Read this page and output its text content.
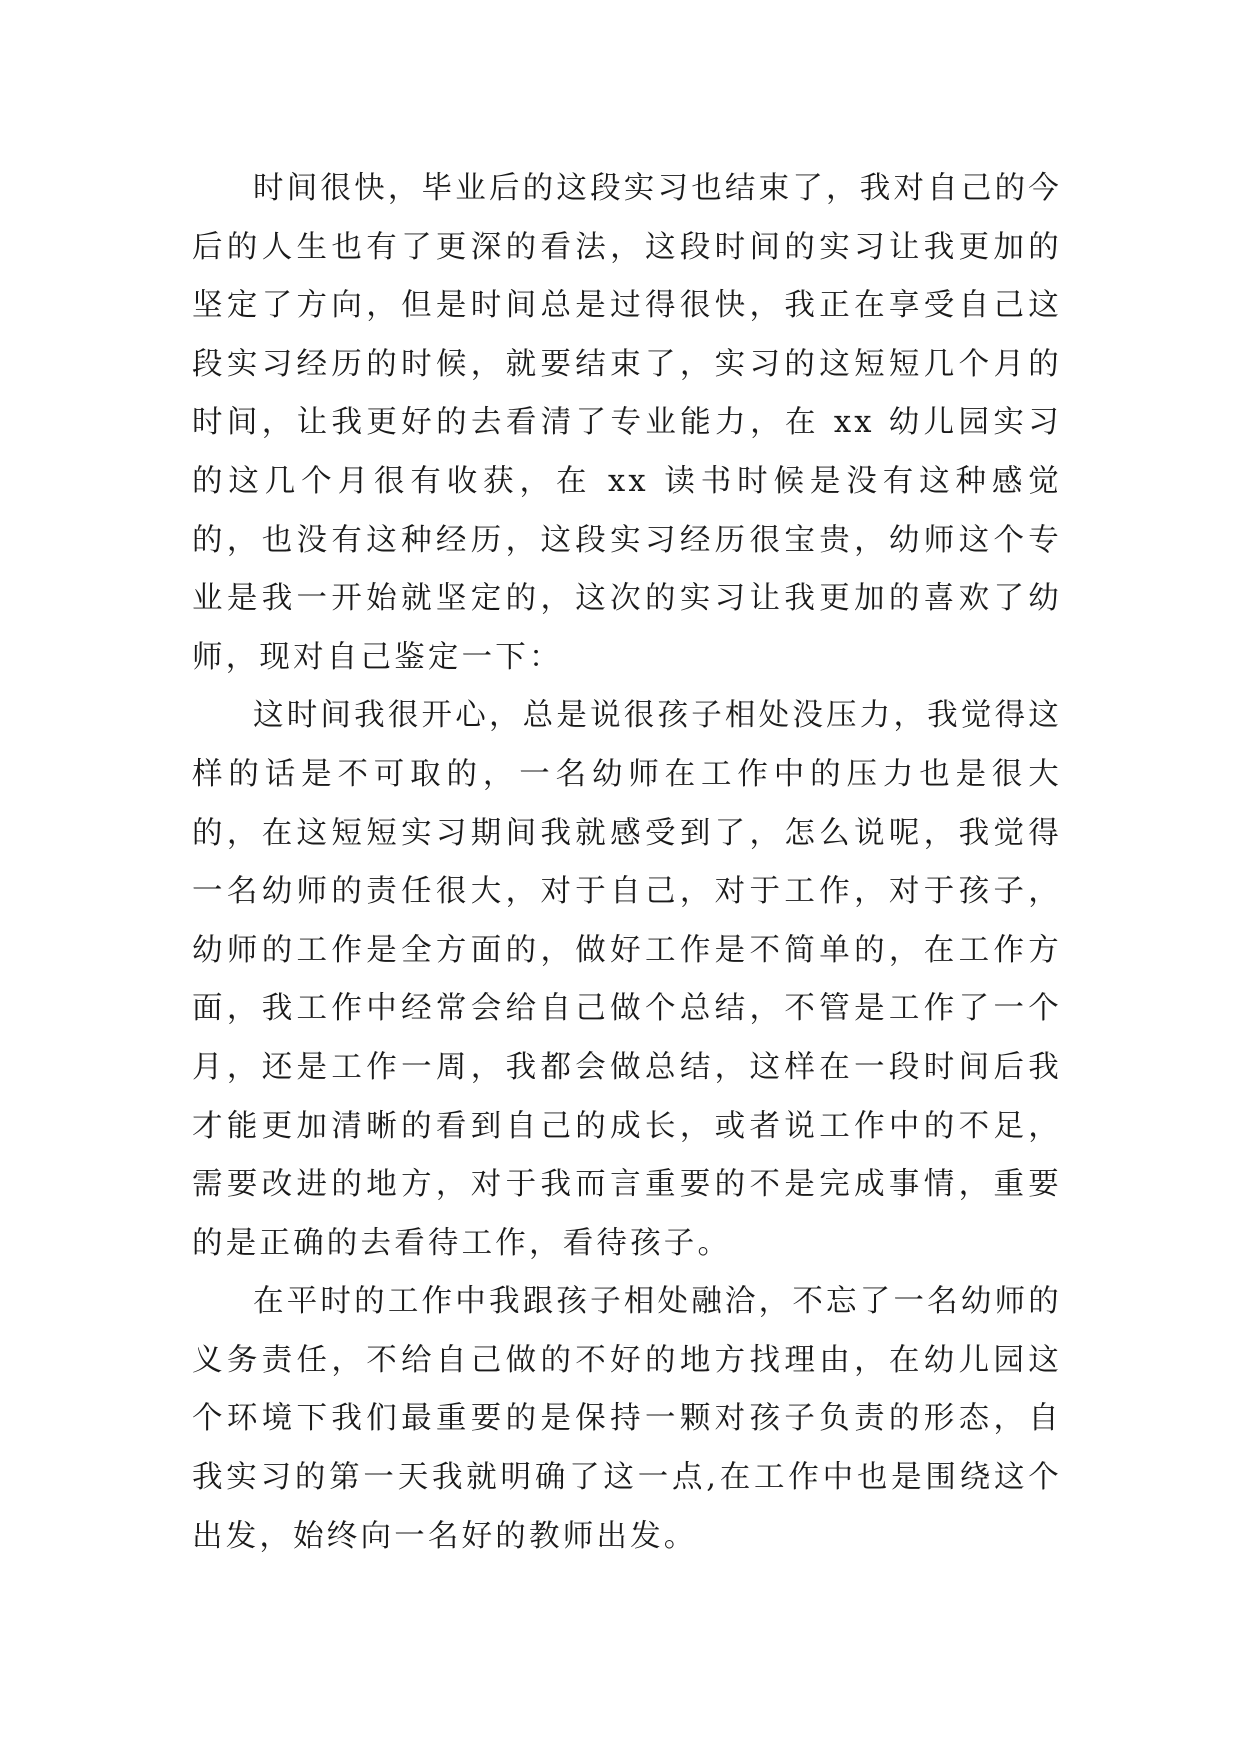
时间很快，毕业后的这段实习也结束了，我对自己的今后的人生也有了更深的看法，这段时间的实习让我更加的坚定了方向，但是时间总是过得很快，我正在享受自己这段实习经历的时候，就要结束了，实习的这短短几个月的时间，让我更好的去看清了专业能力，在 xx 幼儿园实习的这几个月很有收获，在 xx 读书时候是没有这种感觉的，也没有这种经历，这段实习经历很宝贵，幼师这个专业是我一开始就坚定的，这次的实习让我更加的喜欢了幼师，现对自己鉴定一下：

这时间我很开心，总是说很孩子相处没压力，我觉得这样的话是不可取的，一名幼师在工作中的压力也是很大的，在这短短实习期间我就感受到了，怎么说呢，我觉得一名幼师的责任很大，对于自己，对于工作，对于孩子，幼师的工作是全方面的，做好工作是不简单的，在工作方面，我工作中经常会给自己做个总结，不管是工作了一个月，还是工作一周，我都会做总结，这样在一段时间后我才能更加清晰的看到自己的成长，或者说工作中的不足，需要改进的地方，对于我而言重要的不是完成事情，重要的是正确的去看待工作，看待孩子。

在平时的工作中我跟孩子相处融洽，不忘了一名幼师的义务责任，不给自己做的不好的地方找理由，在幼儿园这个环境下我们最重要的是保持一颗对孩子负责的形态，自我实习的第一天我就明确了这一点,在工作中也是围绕这个出发，始终向一名好的教师出发。
